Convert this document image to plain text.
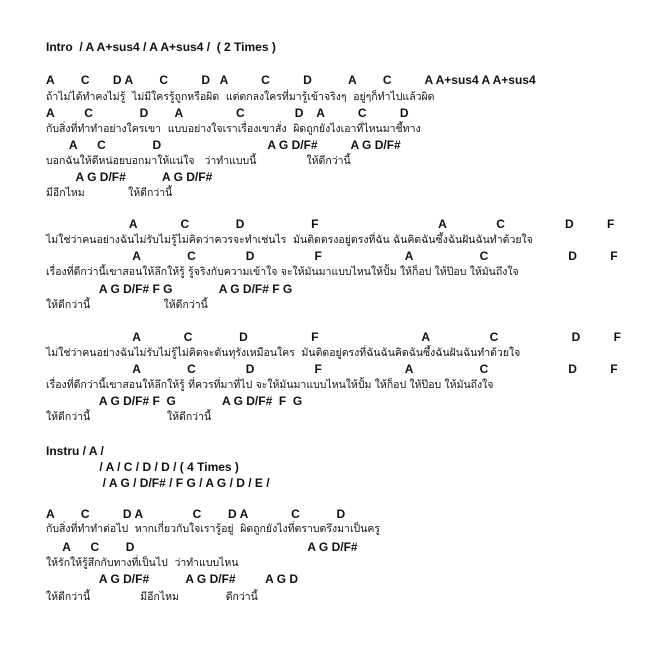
Intro  / A A+sus4 / A A+sus4 /  ( 2 Times )
A        C       D A        C          D   A          C          D           A        C          A A+sus4 A A+sus4
ถ้าไม่ได้ทำคงไม่รู้  ไม่มีใครรู้ถูกหรือผิด  แต่ตกลงใครที่มารู้เข้าจริงๆ  อยู่ๆก็ทำไปแล้วผิด
A         C              D        A                C               D    A          C          D
กับสิ่งที่ทำทำอย่างใครเขา  แบบอย่างใจเราเรื่องเขาสั่ง  ผิดถูกยังไงเอาที่ไหนมาชี้ทาง
A      C              D                                A G D/F#          A G D/F#
บอกฉันให้ดีหน่อยบอกมาให้แน่ใจ   ว่าทำแบบนี้               ให้ดีกว่านี้
A G D/F#           A G D/F#
มีอีกไหม             ให้ดีกว่านี้
A             C              D                    F                                    A               C                  D          F
ไม่ใช่ว่าคนอย่างฉันไม่รับไม่รู้ไม่คิดว่าควรจะทำเช่นไร  มันติดตรงอยู่ตรงที่ฉัน ฉันคิดฉันซึ้งฉันฝันฉันทำด้วยใจ
A              C               D                  F                         A                    C                        D          F
เรื่องที่ดีกว่านี้เขาสอนให้ลึกให้รู้ รู้จริงกับความเข้าใจ จะให้มันมาแบบไหนให้ปั้ม ให้ก็อป ให้ป๊อบ ให้มันถึงใจ
A G D/F# F G              A G D/F# F G
ให้ดีกว่านี้                      ให้ดีกว่านี้
A             C              D                   F                               A                  C                      D          F
ไม่ใช่ว่าคนอย่างฉันไม่รับไม่รู้ไม่คิดจะดันทุรังเหมือนใคร  มันติดอยู่ตรงที่ฉันฉันคิดฉันซึ้งฉันฝันฉันทำด้วยใจ
A              C               D                  F                         A                    C                        D          F
เรื่องที่ดีกว่านี้เขาสอนให้ลึกให้รู้ ที่ควรที่มาที่ไป จะให้มันมาแบบไหนให้ปั้ม ให้ก็อป ให้ป๊อบ ให้มันถึงใจ
A G D/F# F  G              A G D/F#  F  G
ให้ดีกว่านี้                       ให้ดีกว่านี้
Instru / A /
/ A / C / D / D / ( 4 Times )
/ A G / D/F# / F G / A G / D / E /
A        C          D A               C        D A             C           D
กับสิ่งที่ทำทำต่อไป  หากเกี่ยวกับใจเรารู้อยู่  ผิดถูกยังไงที่ตราบตรึงมาเป็นครู
A      C        D                                                    A G D/F#
ให้รักให้รู้สึกกับทางที่เป็นไป  ว่าทำแบบไหน
A G D/F#           A G D/F#         A G D
ให้ดีกว่านี้               มีอีกไหม              ดีกว่านี้
